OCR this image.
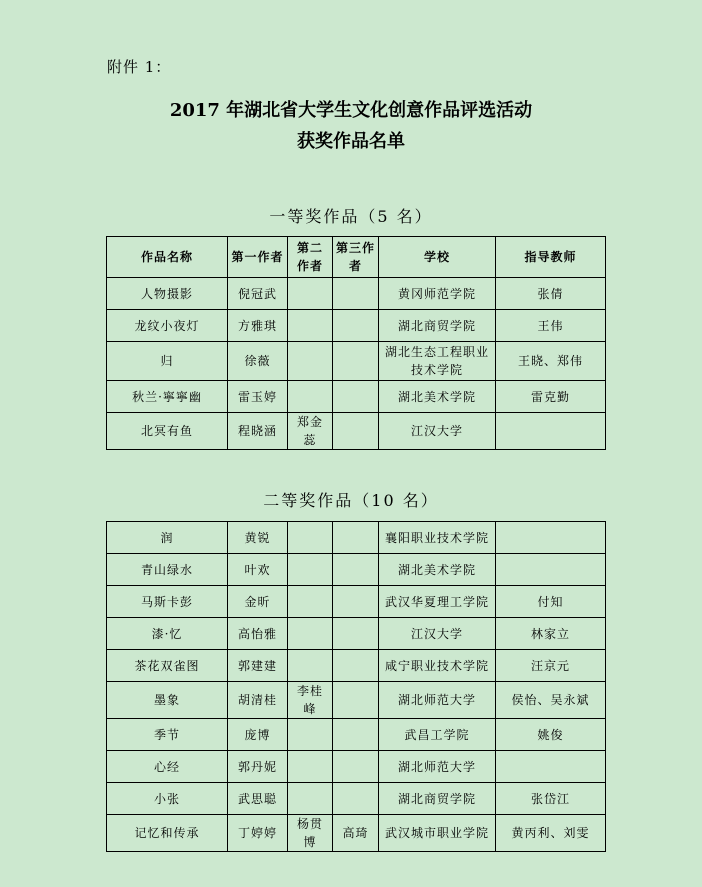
附件 1：
2017 年湖北省大学生文化创意作品评选活动
获奖作品名单
一等奖作品（5 名）
作品名称	第一作者	第二作者	第三作者	学校	指导教师
人物摄影	倪冠武			黄冈师范学院	张倩
龙纹小夜灯	方雅琪			湖北商贸学院	王伟
归	徐薇			湖北生态工程职业技术学院	王晓、郑伟
秋兰·寧寧幽	雷玉婷			湖北美术学院	雷克勤
北冥有鱼	程晓涵	郑金蕊		江汉大学	
二等奖作品（10 名）
润	黄锐			襄阳职业技术学院	
青山绿水	叶欢			湖北美术学院	
马斯卡彭	金昕			武汉华夏理工学院	付知
漆·忆	高怡雅			江汉大学	林家立
茶花双雀图	郭建建			咸宁职业技术学院	汪京元
墨象	胡清桂	李桂峰		湖北师范大学	侯怡、吴永斌
季节	庞博			武昌工学院	姚俊
心经	郭丹妮			湖北师范大学	
小张	武思聪			湖北商贸学院	张岱江
记忆和传承	丁婷婷	杨贯博	高琦	武汉城市职业学院	黄丙利、刘雯
